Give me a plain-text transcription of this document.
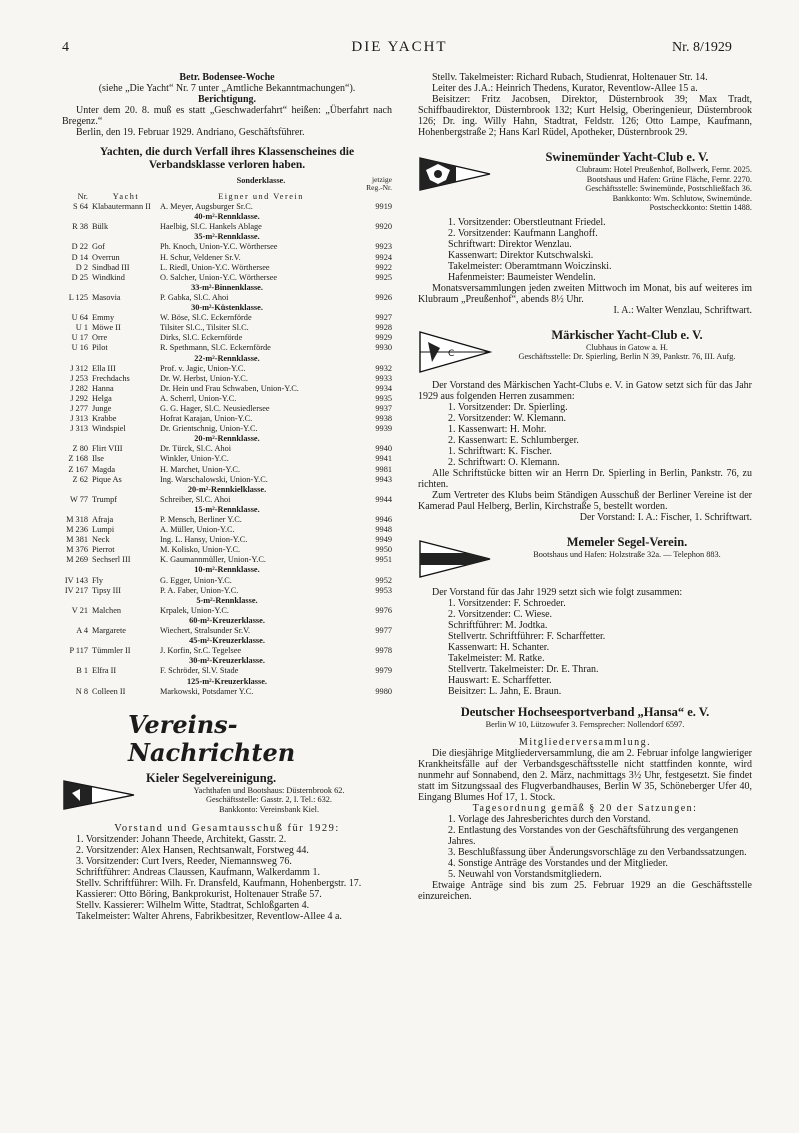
4	DIE YACHT	Nr. 8/1929
Betr. Bodensee-Woche
(siehe „Die Yacht“ Nr. 7 unter „Amtliche Bekanntmachungen“).
Berichtigung.
Unter dem 20. 8. muß es statt „Geschwaderfahrt“ heißen: „Überfahrt nach Bregenz.“
Berlin, den 19. Februar 1929. Andriano, Geschäftsführer.
Yachten, die durch Verfall ihres Klassenscheines die Verbandsklasse verloren haben.
		Sonderklasse.	jetzige Reg.-Nr.
Nr.	Yacht	Eigner und Verein	
S 64	Klabautermann II	A. Meyer, Augsburger Sr.C.	9919
40-m²-Rennklasse.			
R 38	Bülk	Haelbig, Sl.C. Hankels Ablage	9920
35-m²-Rennklasse.			
D 22	Gof	Ph. Knoch, Union-Y.C. Wörthersee	9923
D 14	Overrun	H. Schur, Veldener Sr.V.	9924
D 2	Sindbad III	L. Riedl, Union-Y.C. Wörthersee	9922
D 25	Windkind	O. Salcher, Union-Y.C. Wörthersee	9925
33-m²-Binnenklasse.			
L 125	Masovia	P. Gabka, Sl.C. Ahoi	9926
30-m²-Küstenklasse.			
U 64	Emmy	W. Böse, Sl.C. Eckernförde	9927
U 1	Möwe II	Tilsiter Sl.C., Tilsiter Sl.C.	9928
U 17	Orre	Dirks, Sl.C. Eckernförde	9929
U 16	Pilot	R. Spethmann, Sl.C. Eckernförde	9930
22-m²-Rennklasse.			
J 312	Ella III	Prof. v. Jagic, Union-Y.C.	9932
J 253	Frechdachs	Dr. W. Herbst, Union-Y.C.	9933
J 282	Hanna	Dr. Hein und Frau Schwaben, Union-Y.C.	9934
J 292	Helga	A. Scherrl, Union-Y.C.	9935
J 277	Junge	G. G. Hager, Sl.C. Neusiedlersee	9937
J 313	Krabbe	Hofrat Karajan, Union-Y.C.	9938
J 313	Windspiel	Dr. Grientschnig, Union-Y.C.	9939
20-m²-Rennklasse.			
Z 80	Flirt VIII	Dr. Türck, Sl.C. Ahoi	9940
Z 168	Ilse	Winkler, Union-Y.C.	9941
Z 167	Magda	H. Marchet, Union-Y.C.	9981
Z 62	Pique As	Ing. Warschalowski, Union-Y.C.	9943
20-m²-Rennkielklasse.			
W 77	Trumpf	Schreiber, Sl.C. Ahoi	9944
15-m²-Rennklasse.			
M 318	Afraja	P. Mensch, Berliner Y.C.	9946
M 236	Lumpi	A. Müller, Union-Y.C.	9948
M 381	Neck	Ing. L. Hansy, Union-Y.C.	9949
M 376	Pierrot	M. Kolisko, Union-Y.C.	9950
M 269	Sechserl III	K. Gaumannmüller, Union-Y.C.	9951
10-m²-Rennklasse.			
IV 143	Fly	G. Egger, Union-Y.C.	9952
IV 217	Tipsy III	P. A. Faber, Union-Y.C.	9953
5-m²-Rennklasse.			
V 21	Malchen	Krpalek, Union-Y.C.	9976
60-m²-Kreuzerklasse.			
A 4	Margarete	Wiechert, Stralsunder Sr.V.	9977
45-m²-Kreuzerklasse.			
P 117	Tümmler II	J. Korfin, Sr.C. Tegelsee	9978
30-m²-Kreuzerklasse.			
B 1	Elfra II	F. Schröder, Sl.V. Stade	9979
125-m²-Kreuzerklasse.			
N 8	Colleen II	Markowski, Potsdamer Y.C.	9980
Vereins-Nachrichten
Kieler Segelvereinigung.
Yachthafen und Bootshaus: Düsternbrook 62.
Geschäftsstelle: Gasstr. 2, I. Tel.: 632.
Bankkonto: Vereinsbank Kiel.
Vorstand und Gesamtausschuß für 1929:
1. Vorsitzender: Johann Theede, Architekt, Gasstr. 2.
2. Vorsitzender: Alex Hansen, Rechtsanwalt, Forstweg 44.
3. Vorsitzender: Curt Ivers, Reeder, Niemannsweg 76.
Schriftführer: Andreas Claussen, Kaufmann, Walkerdamm 1.
Stellv. Schriftführer: Wilh. Fr. Dransfeld, Kaufmann, Hohenbergstr. 17.
Kassierer: Otto Böring, Bankprokurist, Holtenauer Straße 57.
Stellv. Kassierer: Wilhelm Witte, Stadtrat, Schloßgarten 4.
Takelmeister: Walter Ahrens, Fabrikbesitzer, Reventlow-Allee 4 a.
Stellv. Takelmeister: Richard Rubach, Studienrat, Holtenauer Str. 14.
Leiter des J.A.: Heinrich Thedens, Kurator, Reventlow-Allee 15 a.
Beisitzer: Fritz Jacobsen, Direktor, Düsternbrook 39; Max Tradt, Schiffbaudirektor, Düsternbrook 132; Kurt Helsig, Oberingenieur, Düsternbrook 126; Dr. ing. Willy Hahn, Stadtrat, Feldstr. 126; Otto Lampe, Kaufmann, Hohenbergstraße 2; Hans Karl Rüdel, Apotheker, Düsternbrook 29.
Swinemünder Yacht-Club e. V.
Clubraum: Hotel Preußenhof, Bollwerk, Fernr. 2025.
Bootshaus und Hafen: Grüne Fläche, Fernr. 2270.
Geschäftsstelle: Swinemünde, Postschließfach 36.
Bankkonto: Wm. Schlutow, Swinemünde.
Postscheckkonto: Stettin 1488.
1. Vorsitzender: Oberstleutnant Friedel.
2. Vorsitzender: Kaufmann Langhoff.
Schriftwart: Direktor Wenzlau.
Kassenwart: Direktor Kutschwalski.
Takelmeister: Oberamtmann Woiczinski.
Hafenmeister: Baumeister Wendelin.
Monatsversammlungen jeden zweiten Mittwoch im Monat, bis auf weiteres im Klubraum „Preußenhof“, abends 8½ Uhr.
I. A.: Walter Wenzlau, Schriftwart.
C
Märkischer Yacht-Club e. V.
Clubhaus in Gatow a. H.
Geschäftsstelle: Dr. Spierling, Berlin N 39, Pankstr. 76, III. Aufg.
Der Vorstand des Märkischen Yacht-Clubs e. V. in Gatow setzt sich für das Jahr 1929 aus folgenden Herren zusammen:
1. Vorsitzender: Dr. Spierling.
2. Vorsitzender: W. Klemann.
1. Kassenwart: H. Mohr.
2. Kassenwart: E. Schlumberger.
1. Schriftwart: K. Fischer.
2. Schriftwart: O. Klemann.
Alle Schriftstücke bitten wir an Herrn Dr. Spierling in Berlin, Pankstr. 76, zu richten.
Zum Vertreter des Klubs beim Ständigen Ausschuß der Berliner Vereine ist der Kamerad Paul Helberg, Berlin, Kirchstraße 5, bestellt worden.
Der Vorstand: I. A.: Fischer, 1. Schriftwart.
Memeler Segel-Verein.
Bootshaus und Hafen: Holzstraße 32a. — Telephon 883.
Der Vorstand für das Jahr 1929 setzt sich wie folgt zusammen:
1. Vorsitzender: F. Schroeder.
2. Vorsitzender: C. Wiese.
Schriftführer: M. Jodtka.
Stellvertr. Schriftführer: F. Scharffetter.
Kassenwart: H. Schanter.
Takelmeister: M. Ratke.
Stellvertr. Takelmeister: Dr. E. Thran.
Hauswart: E. Scharffetter.
Beisitzer: L. Jahn, E. Braun.
Deutscher Hochseesportverband „Hansa“ e. V.
Berlin W 10, Lützowufer 3. Fernsprecher: Nollendorf 6597.
Mitgliederversammlung.
Die diesjährige Mitgliederversammlung, die am 2. Februar infolge langwieriger Krankheitsfälle auf der Verbandsgeschäftsstelle nicht stattfinden konnte, wird nunmehr auf Sonnabend, den 2. März, nachmittags 3½ Uhr, festgesetzt. Sie findet statt im Sitzungssaal des Flugverbandhauses, Berlin W 35, Schöneberger Ufer 40, Eingang Blumes Hof 17, 1. Stock.
Tagesordnung gemäß § 20 der Satzungen:
1. Vorlage des Jahresberichtes durch den Vorstand.
2. Entlastung des Vorstandes von der Geschäftsführung des vergangenen Jahres.
3. Beschlußfassung über Änderungsvorschläge zu den Verbandssatzungen.
4. Sonstige Anträge des Vorstandes und der Mitglieder.
5. Neuwahl von Vorstandsmitgliedern.
Etwaige Anträge sind bis zum 25. Februar 1929 an die Geschäftsstelle einzureichen.
